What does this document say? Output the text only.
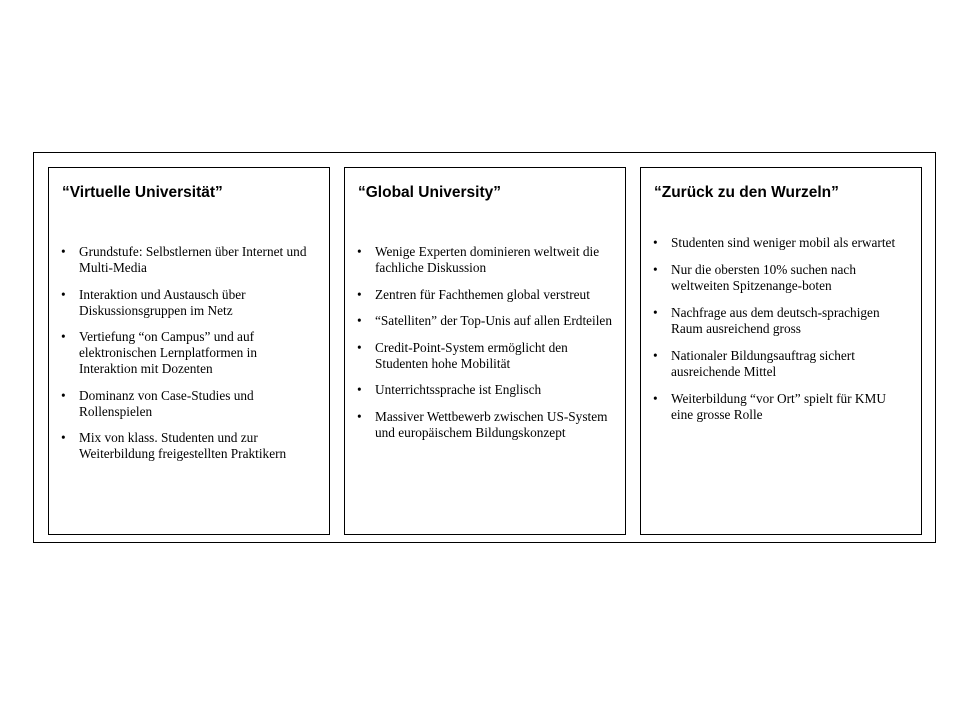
“Virtuelle Universität”
•	Grundstufe: Selbstlernen über Internet und Multi-Media
•	Interaktion und Austausch über Diskussionsgruppen im Netz
•	Vertiefung “on Campus” und auf elektronischen Lernplatformen in Interaktion mit Dozenten
•	Dominanz von Case-Studies und Rollenspielen
•	Mix von klass. Studenten und zur Weiterbildung freigestellten Praktikern
“Global University”
•	Wenige Experten dominieren weltweit die fachliche Diskussion
•	Zentren für Fachthemen global verstreut
•	“Satelliten” der Top-Unis auf allen Erdteilen
•	Credit-Point-System ermöglicht den Studenten hohe Mobilität
•	Unterrichtssprache ist Englisch
•	Massiver Wettbewerb zwischen US-System und europäischem Bildungskonzept
“Zurück zu den Wurzeln”
•	Studenten sind weniger mobil als erwartet
•	Nur die obersten 10% suchen nach weltweiten Spitzenange-boten
•	Nachfrage aus dem deutsch-sprachigen Raum ausreichend gross
•	Nationaler Bildungsauftrag sichert ausreichende Mittel
•	Weiterbildung “vor Ort” spielt für KMU eine grosse Rolle
